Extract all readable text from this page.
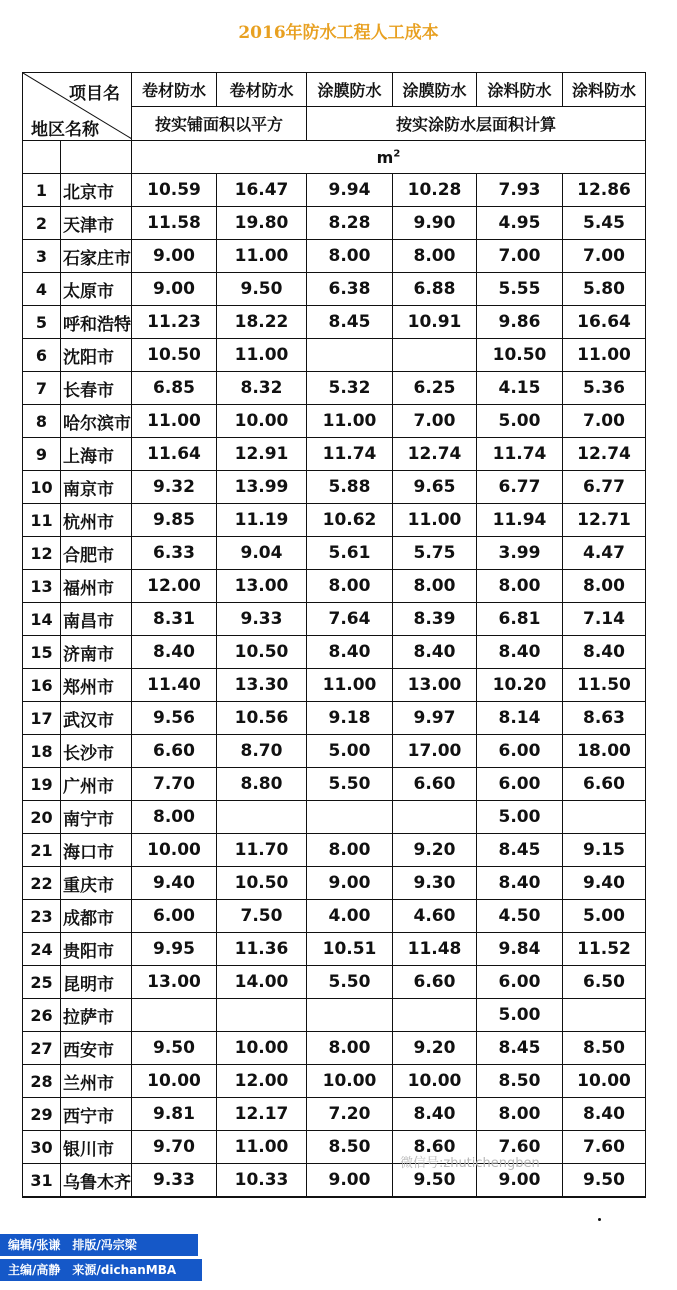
2016年防水工程人工成本
项目名
地区名称		卷材防水	卷材防水	涂膜防水	涂膜防水	涂料防水	涂料防水
		按实铺面积以平方		按实涂防水层面积计算			
		$m^2$
1	北京市	10.59	16.47	9.94	10.28	7.93	12.86
2	天津市	11.58	19.80	8.28	9.90	4.95	5.45
3	石家庄市	9.00	11.00	8.00	8.00	7.00	7.00
4	太原市	9.00	9.50	6.38	6.88	5.55	5.80
5	呼和浩特	11.23	18.22	8.45	10.91	9.86	16.64
6	沈阳市	10.50	11.00			10.50	11.00
7	长春市	6.85	8.32	5.32	6.25	4.15	5.36
8	哈尔滨市	11.00	10.00	11.00	7.00	5.00	7.00
9	上海市	11.64	12.91	11.74	12.74	11.74	12.74
10	南京市	9.32	13.99	5.88	9.65	6.77	6.77
11	杭州市	9.85	11.19	10.62	11.00	11.94	12.71
12	合肥市	6.33	9.04	5.61	5.75	3.99	4.47
13	福州市	12.00	13.00	8.00	8.00	8.00	8.00
14	南昌市	8.31	9.33	7.64	8.39	6.81	7.14
15	济南市	8.40	10.50	8.40	8.40	8.40	8.40
16	郑州市	11.40	13.30	11.00	13.00	10.20	11.50
17	武汉市	9.56	10.56	9.18	9.97	8.14	8.63
18	长沙市	6.60	8.70	5.00	17.00	6.00	18.00
19	广州市	7.70	8.80	5.50	6.60	6.00	6.60
20	南宁市	8.00				5.00	
21	海口市	10.00	11.70	8.00	9.20	8.45	9.15
22	重庆市	9.40	10.50	9.00	9.30	8.40	9.40
23	成都市	6.00	7.50	4.00	4.60	4.50	5.00
24	贵阳市	9.95	11.36	10.51	11.48	9.84	11.52
25	昆明市	13.00	14.00	5.50	6.60	6.00	6.50
26	拉萨市					5.00	
27	西安市	9.50	10.00	8.00	9.20	8.45	8.50
28	兰州市	10.00	12.00	10.00	10.00	8.50	10.00
29	西宁市	9.81	12.17	7.20	8.40	8.00	8.40
30	银川市	9.70	11.00	8.50	8.60	7.60	7.60
31	乌鲁木齐	9.33	10.33	9.00	9.50	9.00	9.50
微信号:zhutichengben
编辑/张谦　排版/冯宗梁
主编/高静　来源/dichanMBA
